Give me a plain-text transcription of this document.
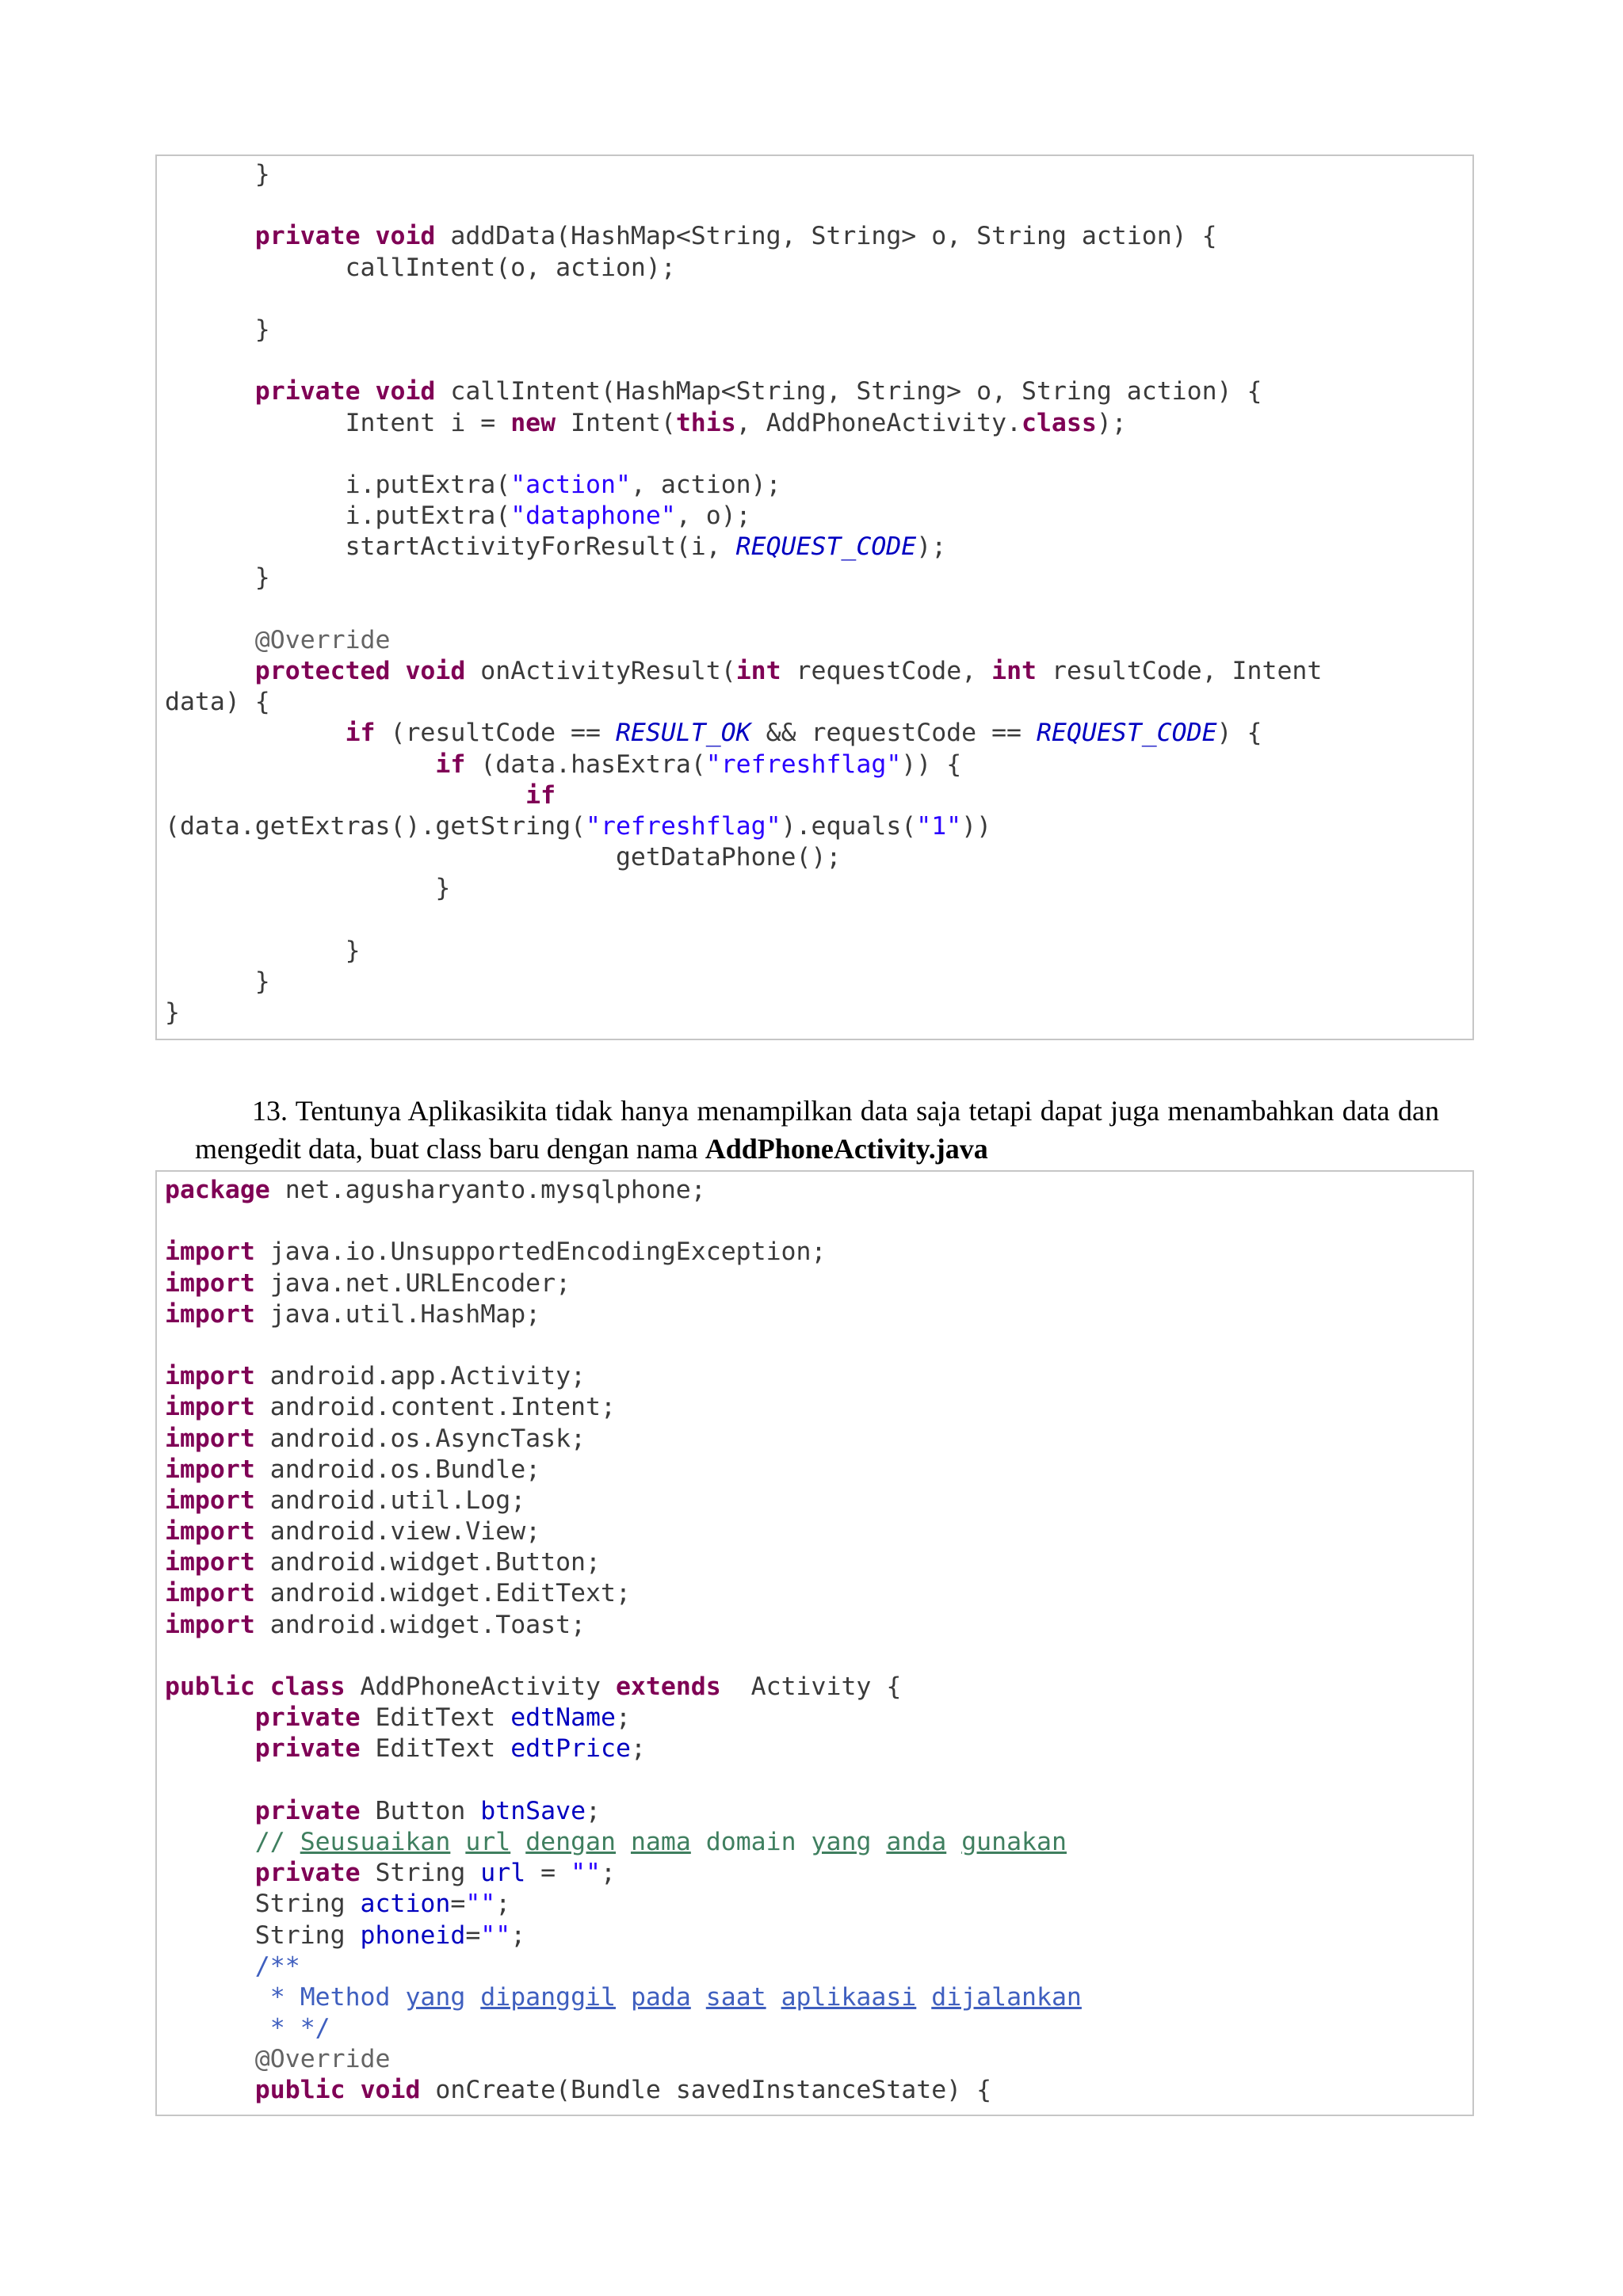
}
private void addData(HashMap<String, String> o, String action) {
callIntent(o, action);
}
private void callIntent(HashMap<String, String> o, String action) {
Intent i = new Intent(this, AddPhoneActivity.class);
i.putExtra("action", action);
i.putExtra("dataphone", o);
startActivityForResult(i, REQUEST_CODE);
}
@Override
protected void onActivityResult(int requestCode, int resultCode, Intent
data) {
if (resultCode == RESULT_OK && requestCode == REQUEST_CODE) {
if (data.hasExtra("refreshflag")) {
if
(data.getExtras().getString("refreshflag").equals("1"))
getDataPhone();
}
}
}
}
13. Tentunya Aplikasikita tidak hanya menampilkan data saja tetapi dapat juga menambahkan data dan mengedit data, buat class baru dengan nama AddPhoneActivity.java
package net.agusharyanto.mysqlphone;
import java.io.UnsupportedEncodingException;
import java.net.URLEncoder;
import java.util.HashMap;
import android.app.Activity;
import android.content.Intent;
import android.os.AsyncTask;
import android.os.Bundle;
import android.util.Log;
import android.view.View;
import android.widget.Button;
import android.widget.EditText;
import android.widget.Toast;
public class AddPhoneActivity extends  Activity {
private EditText edtName;
private EditText edtPrice;
private Button btnSave;
// Seusuaikan url dengan nama domain yang anda gunakan
private String url = "";
String action="";
String phoneid="";
/**
* Method yang dipanggil pada saat aplikaasi dijalankan
* */
@Override
public void onCreate(Bundle savedInstanceState) {
